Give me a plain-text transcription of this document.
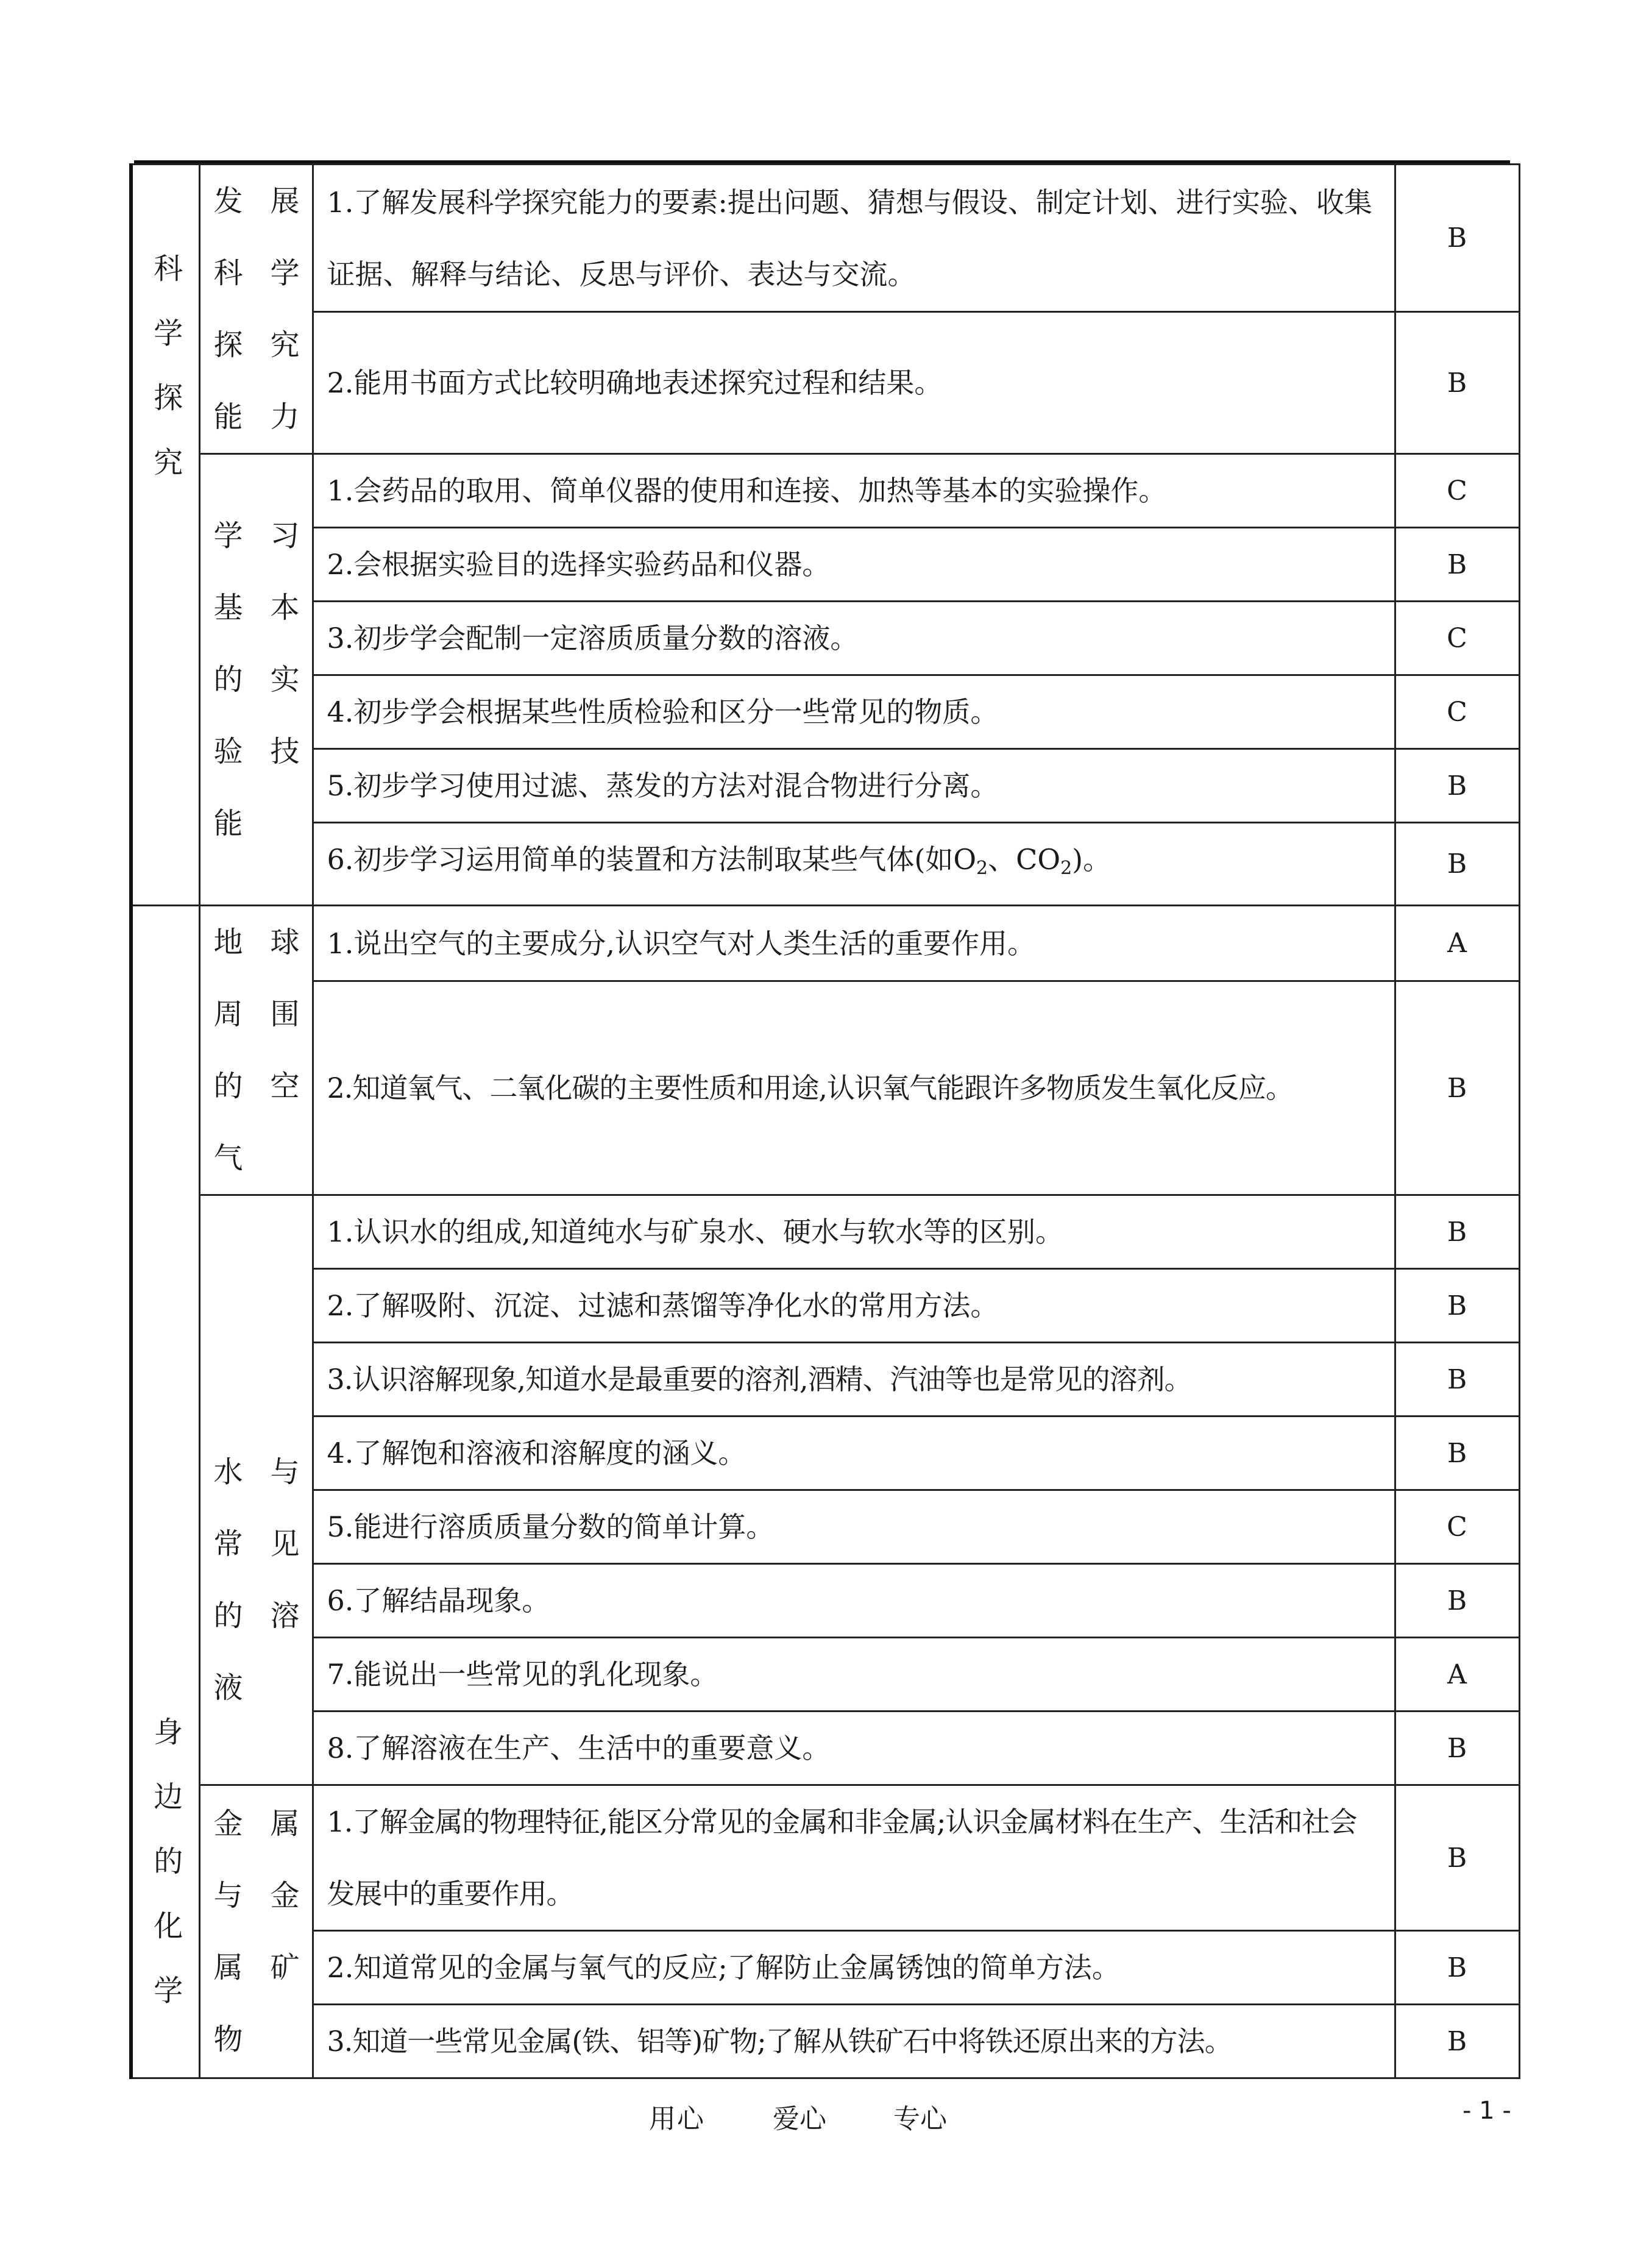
科学探究	发展科学探究能力	1.了解发展科学探究能力的要素:提出问题、猜想与假设、制定计划、进行实验、收集证据、解释与结论、反思与评价、表达与交流。	B

		2.能用书面方式比较明确地表述探究过程和结果。	B

	学习基本的实验技能	1.会药品的取用、简单仪器的使用和连接、加热等基本的实验操作。	C

		2.会根据实验目的选择实验药品和仪器。	B

		3.初步学会配制一定溶质质量分数的溶液。	C

		4.初步学会根据某些性质检验和区分一些常见的物质。	C

		5.初步学习使用过滤、蒸发的方法对混合物进行分离。	B

		6.初步学习运用简单的装置和方法制取某些气体(如$O_2$、$CO_2$)。	B

身边的化学	地球周围的空气	1.说出空气的主要成分,认识空气对人类生活的重要作用。	A

		2.知道氧气、二氧化碳的主要性质和用途,认识氧气能跟许多物质发生氧化反应。	B

	水与常见的溶液	1.认识水的组成,知道纯水与矿泉水、硬水与软水等的区别。	B

		2.了解吸附、沉淀、过滤和蒸馏等净化水的常用方法。	B

		3.认识溶解现象,知道水是最重要的溶剂,酒精、汽油等也是常见的溶剂。	B

		4.了解饱和溶液和溶解度的涵义。	B

		5.能进行溶质质量分数的简单计算。	C

		6.了解结晶现象。	B

		7.能说出一些常见的乳化现象。	A

		8.了解溶液在生产、生活中的重要意义。	B

	金属与金属矿物	1.了解金属的物理特征,能区分常见的金属和非金属;认识金属材料在生产、生活和社会发展中的重要作用。	B

		2.知道常见的金属与氧气的反应;了解防止金属锈蚀的简单方法。	B

		3.知道一些常见金属(铁、铝等)矿物;了解从铁矿石中将铁还原出来的方法。	B
用心	爱心	专心	- 1 -
